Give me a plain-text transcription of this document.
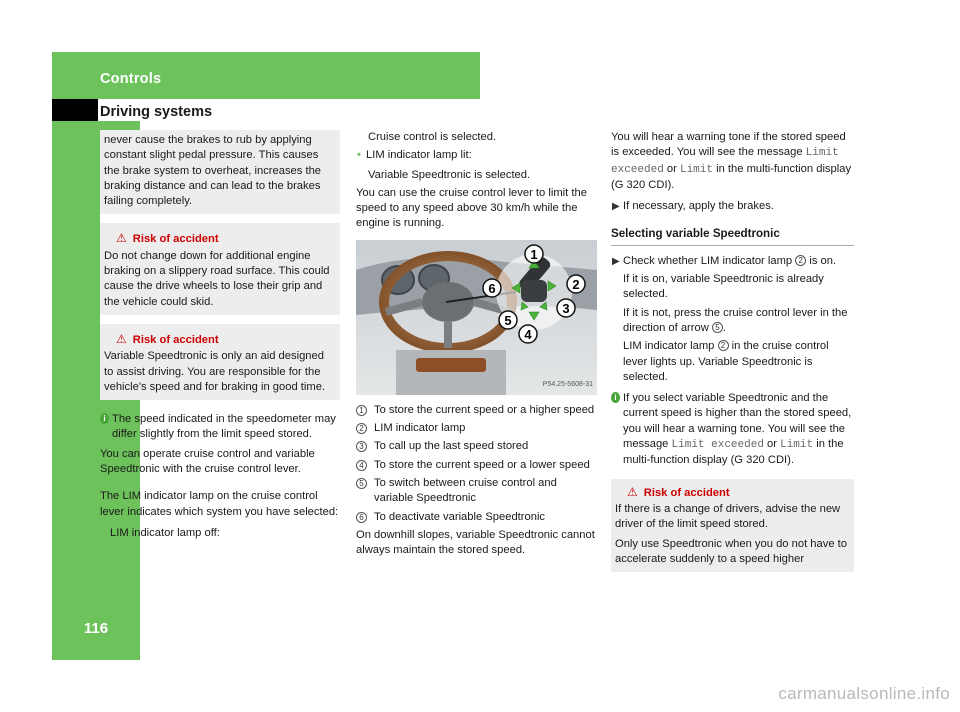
Controls
Driving systems
116
never cause the brakes to rub by applying constant slight pedal pressure. This causes the brake system to overheat, increases the braking distance and can lead to the brakes failing completely.
⚠ Risk of accident
Do not change down for additional engine braking on a slippery road surface. This could cause the drive wheels to lose their grip and the vehicle could skid.
⚠ Risk of accident
Variable Speedtronic is only an aid designed to assist driving. You are responsible for the vehicle's speed and for braking in good time.
i The speed indicated in the speedometer may differ slightly from the limit speed stored.
You can operate cruise control and variable Speedtronic with the cruise control lever.
The LIM indicator lamp on the cruise control lever indicates which system you have selected:
• LIM indicator lamp off:
Cruise control is selected.
• LIM indicator lamp lit:
Variable Speedtronic is selected.
You can use the cruise control lever to limit the speed to any speed above 30 km/h while the engine is running.
1
2
3
4
5
6
P54.25-5608-31
1 To store the current speed or a higher speed
2 LIM indicator lamp
3 To call up the last speed stored
4 To store the current speed or a lower speed
5 To switch between cruise control and variable Speedtronic
6 To deactivate variable Speedtronic
On downhill slopes, variable Speedtronic cannot always maintain the stored speed.
You will hear a warning tone if the stored speed is exceeded. You will see the message Limit exceeded or Limit in the multi-function display (G 320 CDI).
▶ If necessary, apply the brakes.
Selecting variable Speedtronic
▶ Check whether LIM indicator lamp 2 is on.
If it is on, variable Speedtronic is already selected.
If it is not, press the cruise control lever in the direction of arrow 5 .
LIM indicator lamp 2 in the cruise control lever lights up. Variable Speedtronic is selected.
i If you select variable Speedtronic and the current speed is higher than the stored speed, you will hear a warning tone. You will see the message Limit exceeded or Limit in the multi-function display (G 320 CDI).
⚠ Risk of accident
If there is a change of drivers, advise the new driver of the limit speed stored.
Only use Speedtronic when you do not have to accelerate suddenly to a speed higher
carmanualsonline.info
